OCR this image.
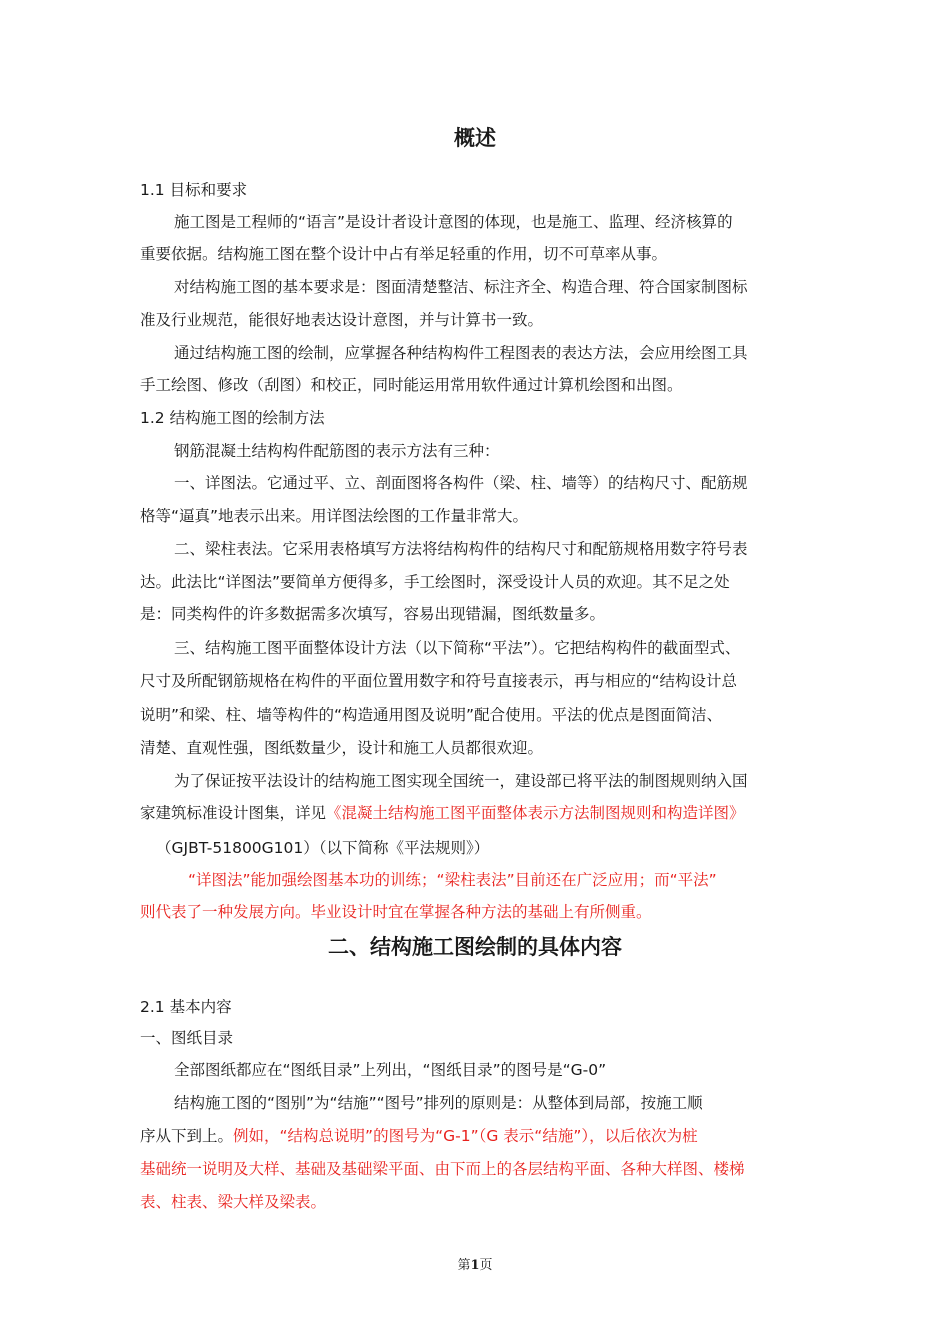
概述
1.1 目标和要求
施工图是工程师的“语言”是设计者设计意图的体现，也是施工、监理、经济核算的
重要依据。结构施工图在整个设计中占有举足轻重的作用，切不可草率从事。
对结构施工图的基本要求是：图面清楚整洁、标注齐全、构造合理、符合国家制图标
准及行业规范，能很好地表达设计意图，并与计算书一致。
通过结构施工图的绘制，应掌握各种结构构件工程图表的表达方法，会应用绘图工具
手工绘图、修改（刮图）和校正，同时能运用常用软件通过计算机绘图和出图。
1.2 结构施工图的绘制方法
钢筋混凝土结构构件配筋图的表示方法有三种：
一、详图法。它通过平、立、剖面图将各构件（梁、柱、墙等）的结构尺寸、配筋规
格等“逼真”地表示出来。用详图法绘图的工作量非常大。
二、梁柱表法。它采用表格填写方法将结构构件的结构尺寸和配筋规格用数字符号表
达。此法比“详图法”要简单方便得多，手工绘图时，深受设计人员的欢迎。其不足之处
是：同类构件的许多数据需多次填写，容易出现错漏，图纸数量多。
三、结构施工图平面整体设计方法（以下简称“平法”）。它把结构构件的截面型式、
尺寸及所配钢筋规格在构件的平面位置用数字和符号直接表示，再与相应的“结构设计总
说明”和梁、柱、墙等构件的“构造通用图及说明”配合使用。平法的优点是图面简洁、
清楚、直观性强，图纸数量少，设计和施工人员都很欢迎。
为了保证按平法设计的结构施工图实现全国统一，建设部已将平法的制图规则纳入国
家建筑标准设计图集，详见《混凝土结构施工图平面整体表示方法制图规则和构造详图》
（GJBT-51800G101）（以下简称《平法规则》）
“详图法”能加强绘图基本功的训练；“梁柱表法”目前还在广泛应用；而“平法”
则代表了一种发展方向。毕业设计时宜在掌握各种方法的基础上有所侧重。
二、结构施工图绘制的具体内容
2.1 基本内容
一、图纸目录
全部图纸都应在“图纸目录”上列出，“图纸目录”的图号是“G-0”
结构施工图的“图别”为“结施”“图号”排列的原则是：从整体到局部，按施工顺
序从下到上。例如，“结构总说明”的图号为“G-1”（G 表示“结施”），以后依次为桩
基础统一说明及大样、基础及基础梁平面、由下而上的各层结构平面、各种大样图、楼梯
表、柱表、梁大样及梁表。
第1页
